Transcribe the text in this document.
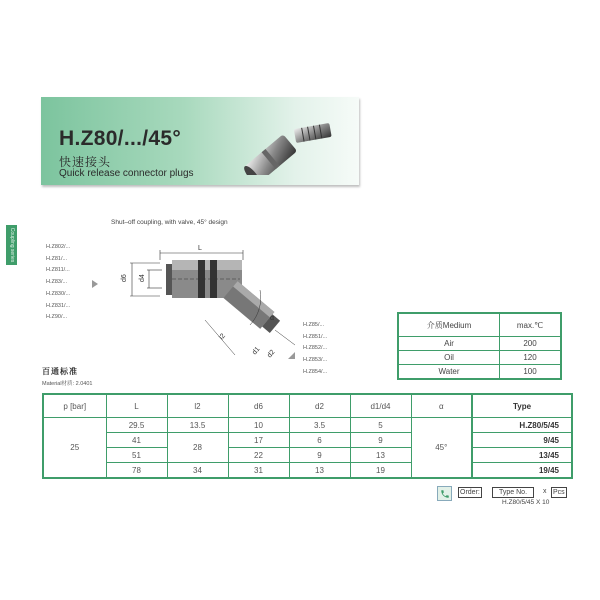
H.Z80/.../45°
快速接头
Quick release connector plugs
Coupling series
Shut–off coupling, with valve, 45° design
H.Z802/...
H.Z81/...
H.Z811/...
H.Z83/...
H.Z830/...
H.Z831/...
H.Z90/...
L
d6 d4
α
l2
d1 d2
H.Z85/...
H.Z851/...
H.Z852/...
H.Z853/...
H.Z854/...
介质Medium	max.℃
Air	200
Oil	120
Water	100
百通标准
Material材质: 2.0401
p [bar]	L	l2	d6	d2	d1/d4	α	Type
25	29.5	13.5	10	3.5	5	45°	H.Z80/5/45
	41	28	17	6	9		9/45
	51		22	9	13		13/45
	78	34	31	13	19		19/45
Order:	Type No.	x Pcs
H.Z80/5/45 X 10
